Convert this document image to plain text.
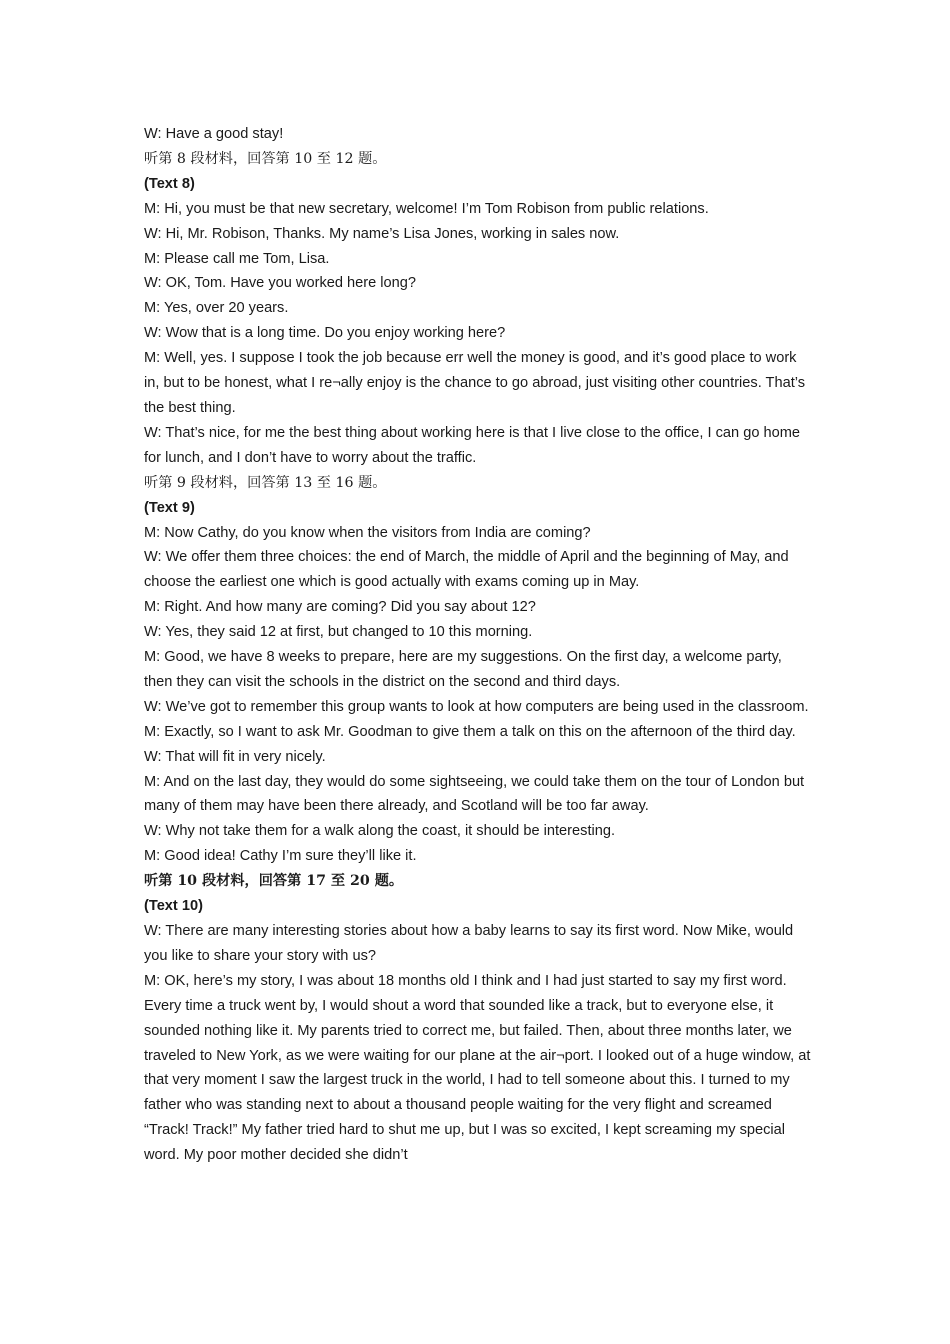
W: Have a good stay!

听第 8 段材料，回答第 10 至 12 题。

(Text 8)

M: Hi, you must be that new secretary, welcome! I’m Tom Robison from public relations.

W: Hi, Mr. Robison, Thanks. My name’s Lisa Jones, working in sales now.

M: Please call me Tom, Lisa.

W: OK, Tom. Have you worked here long?

M: Yes, over 20 years.

W: Wow that is a long time. Do you enjoy working here?

M: Well, yes. I suppose I took the job because err well the money is good, and it’s good place to work in, but to be honest, what I re¬ally enjoy is the chance to go abroad, just visiting other countries. That’s the best thing.

W: That’s nice, for me the best thing about working here is that I live close to the office, I can go home for lunch, and I don’t have to worry about the traffic.

听第 9 段材料，回答第 13 至 16 题。

(Text 9)

M: Now Cathy, do you know when the visitors from India are coming?

W: We offer them three choices: the end of March, the middle of April and the beginning of May, and choose the earliest one which is good actually with exams coming up in May.

M: Right. And how many are coming? Did you say about 12?

W: Yes, they said 12 at first, but changed to 10 this morning.

M: Good, we have 8 weeks to prepare, here are my suggestions. On the first day, a welcome party, then they can visit the schools in the district on the second and third days.

W: We’ve got to remember this group wants to look at how computers are being used in the classroom.

M: Exactly, so I want to ask Mr. Goodman to give them a talk on this on the afternoon of the third day.

W: That will fit in very nicely.

M: And on the last day, they would do some sightseeing, we could take them on the tour of London but many of them may have been there already, and Scotland will be too far away.

W: Why not take them for a walk along the coast, it should be interesting.

M: Good idea! Cathy I’m sure they’ll like it.

听第 10 段材料，回答第 17 至 20 题。

(Text 10)

W: There are many interesting stories about how a baby learns to say its first word. Now Mike, would you like to share your story with us?

M: OK, here’s my story, I was about 18 months old I think and I had just started to say my first word. Every time a truck went by, I would shout a word that sounded like a track, but to everyone else, it sounded nothing like it. My parents tried to correct me, but failed. Then, about three months later, we traveled to New York, as we were waiting for our plane at the air¬port. I looked out of a huge window, at that very moment I saw the largest truck in the world, I had to tell someone about this. I turned to my father who was standing next to about a thousand people waiting for the very flight and screamed “Track! Track!” My father tried hard to shut me up, but I was so excited, I kept screaming my special word. My poor mother decided she didn’t
